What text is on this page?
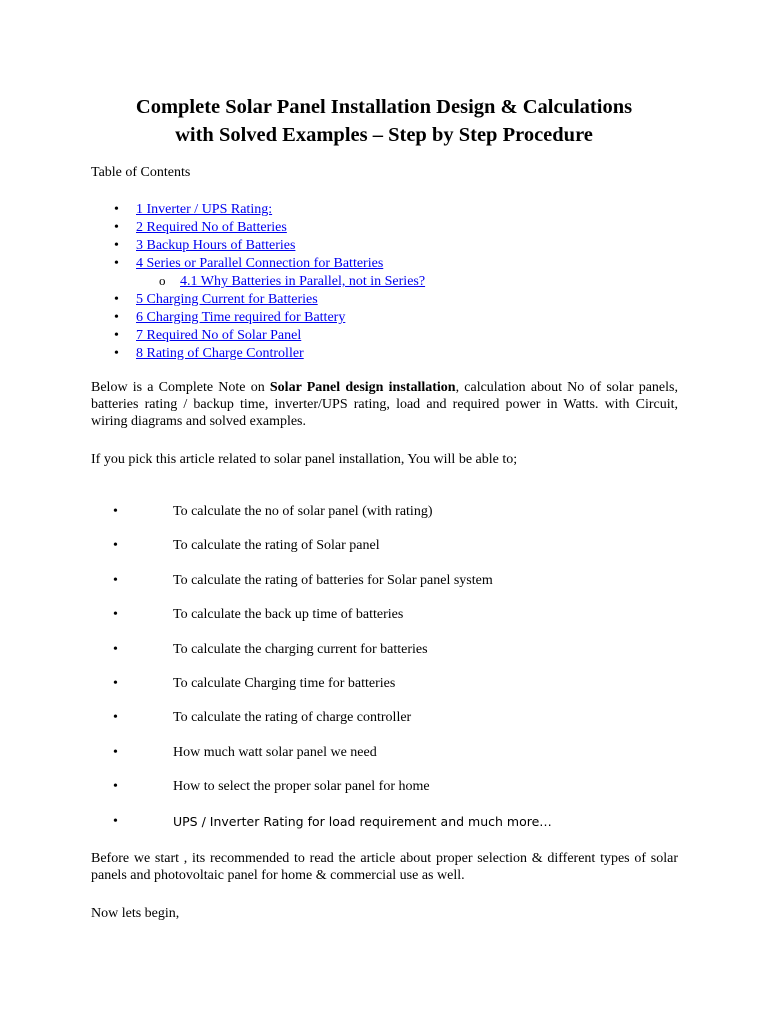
Complete Solar Panel Installation Design & Calculations
with Solved Examples – Step by Step Procedure

Table of Contents

• 1 Inverter / UPS Rating:
• 2 Required No of Batteries
• 3 Backup Hours of Batteries
• 4 Series or Parallel Connection for Batteries
o 4.1 Why Batteries in Parallel, not in Series?
• 5 Charging Current for Batteries
• 6 Charging Time required for Battery
• 7 Required No of Solar Panel
• 8 Rating of Charge Controller

Below is a Complete Note on Solar Panel design installation, calculation about No of solar panels, batteries rating / backup time, inverter/UPS rating, load and required power in Watts. with Circuit, wiring diagrams and solved examples.

If you pick this article related to solar panel installation, You will be able to;

•	To calculate the no of solar panel (with rating)
•	To calculate the rating of Solar panel
•	To calculate the rating of batteries for Solar panel system
•	To calculate the back up time of batteries
•	To calculate the charging current for batteries
•	To calculate Charging time for batteries
•	To calculate the rating of charge controller
•	How much watt solar panel we need
•	How to select the proper solar panel for home
•	UPS / Inverter Rating for load requirement and much more…

Before we start , its recommended to read the article about proper selection & different types of solar panels and photovoltaic panel for home & commercial use as well.

Now lets begin,
